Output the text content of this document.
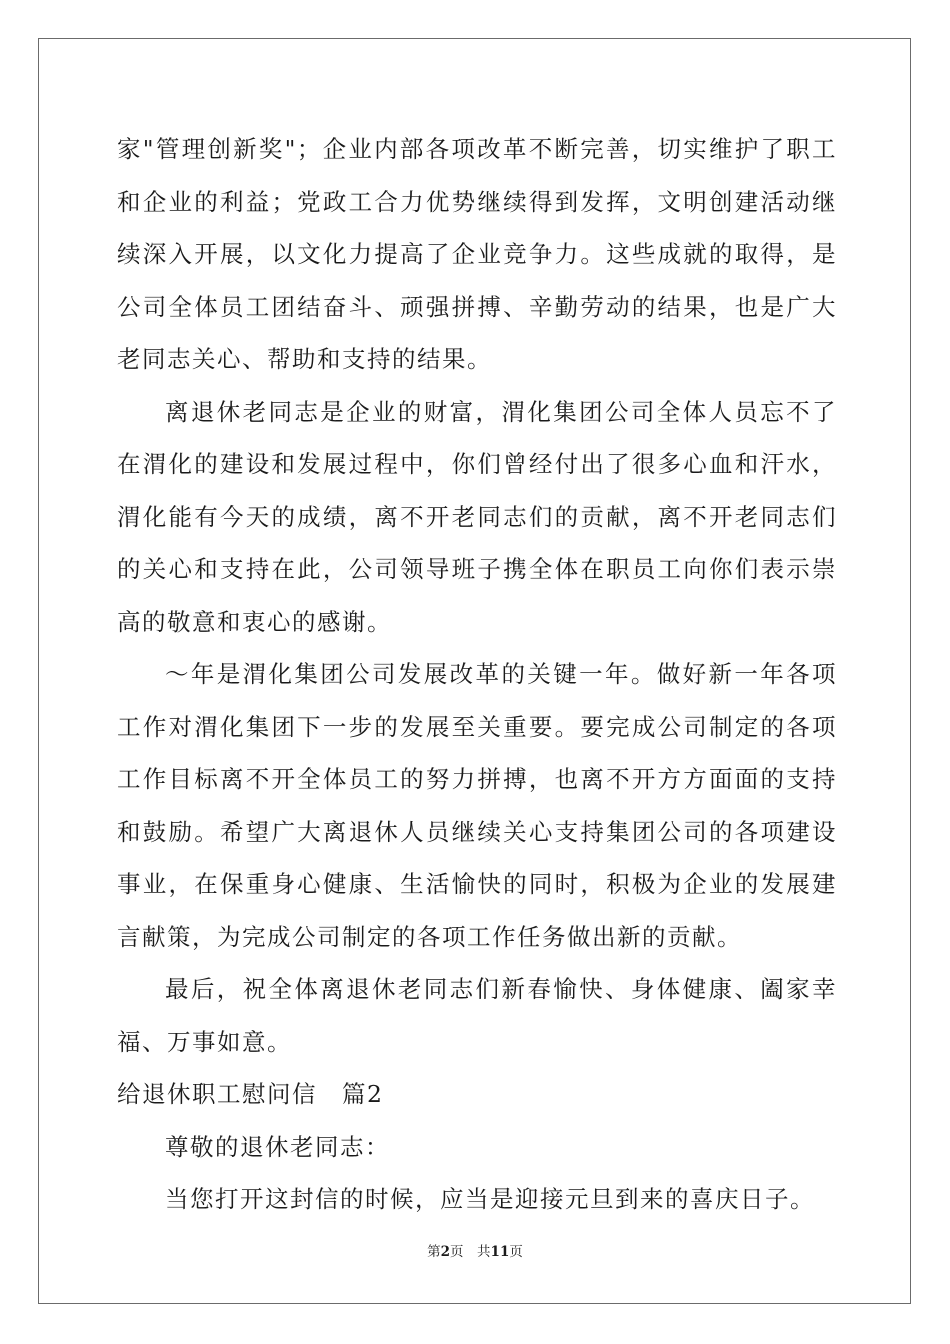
家"管理创新奖"；企业内部各项改革不断完善，切实维护了职工和企业的利益；党政工合力优势继续得到发挥，文明创建活动继续深入开展，以文化力提高了企业竞争力。这些成就的取得，是公司全体员工团结奋斗、顽强拼搏、辛勤劳动的结果，也是广大老同志关心、帮助和支持的结果。

离退休老同志是企业的财富，渭化集团公司全体人员忘不了在渭化的建设和发展过程中，你们曾经付出了很多心血和汗水，渭化能有今天的成绩，离不开老同志们的贡献，离不开老同志们的关心和支持在此，公司领导班子携全体在职员工向你们表示崇高的敬意和衷心的感谢。

～年是渭化集团公司发展改革的关键一年。做好新一年各项工作对渭化集团下一步的发展至关重要。要完成公司制定的各项工作目标离不开全体员工的努力拼搏，也离不开方方面面的支持和鼓励。希望广大离退休人员继续关心支持集团公司的各项建设事业，在保重身心健康、生活愉快的同时，积极为企业的发展建言献策，为完成公司制定的各项工作任务做出新的贡献。

最后，祝全体离退休老同志们新春愉快、身体健康、阖家幸福、万事如意。

给退休职工慰问信　篇2

尊敬的退休老同志：

当您打开这封信的时候，应当是迎接元旦到来的喜庆日子。

第2页　共11页
